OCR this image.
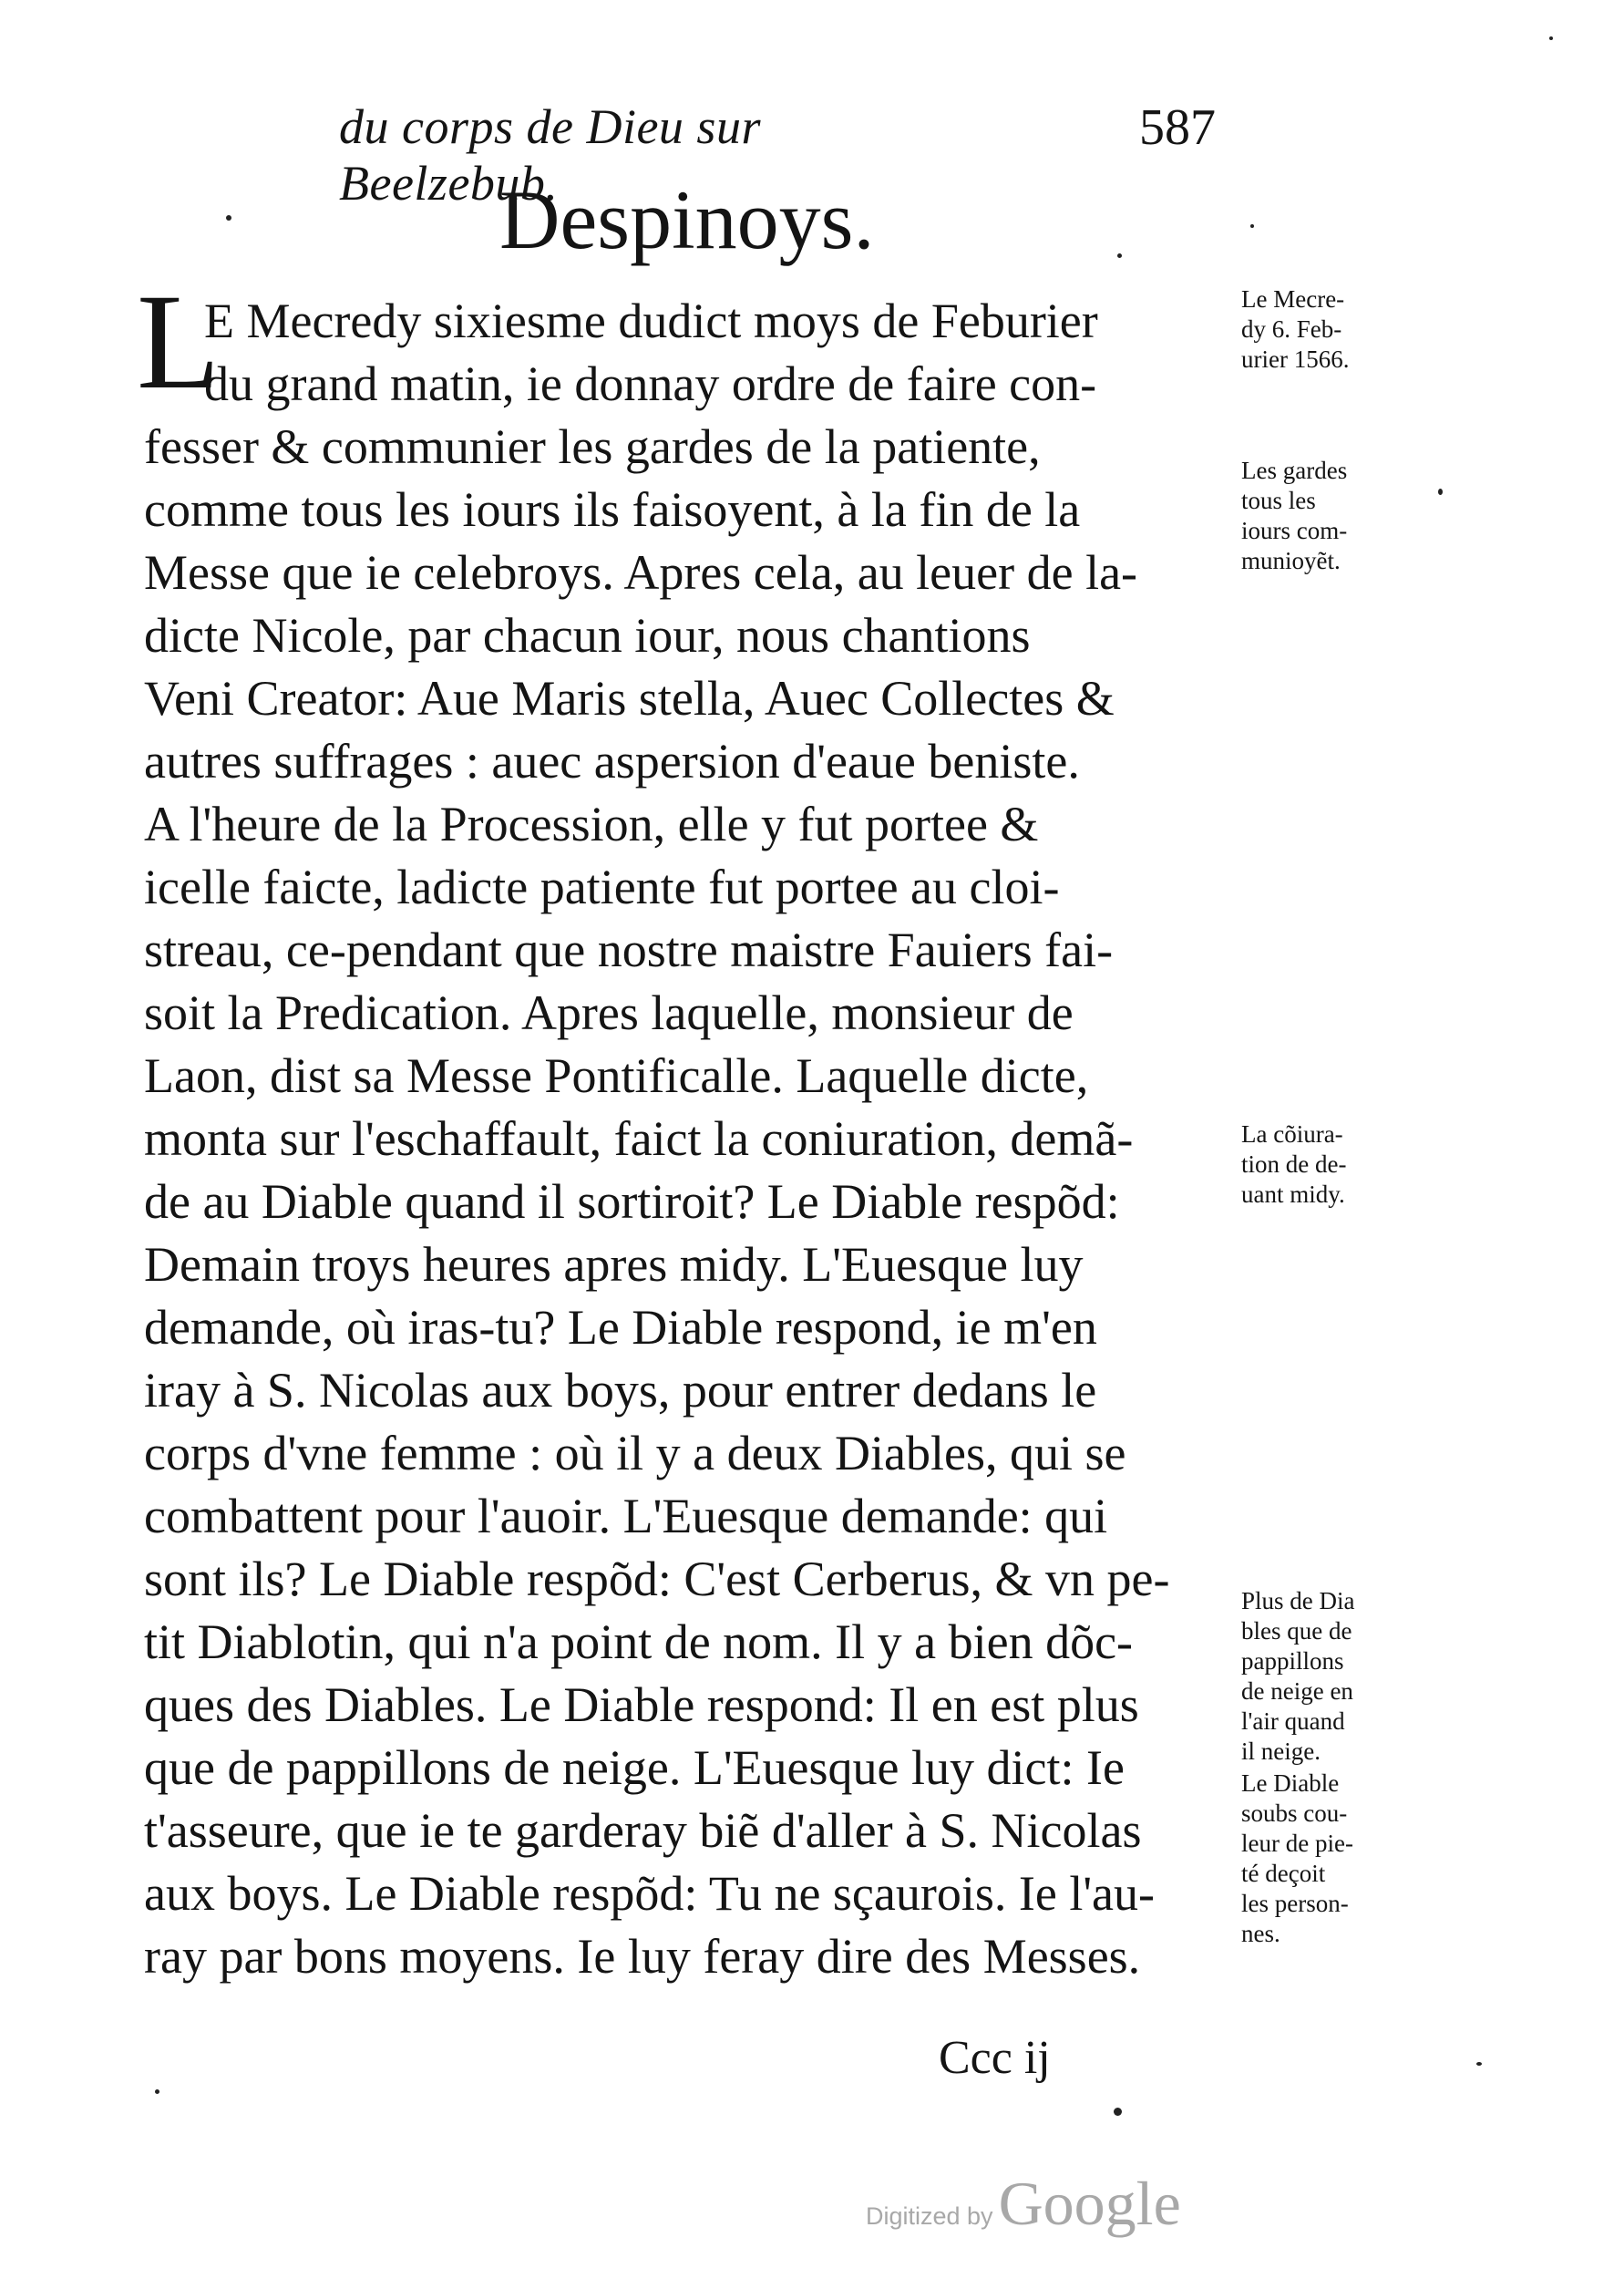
du corps de Dieu sur Beelzebub.
587
Despinoys.
L
E Mecredy sixiesme dudict moys de Feburier
du grand matin, ie donnay ordre de faire con-
fesser & communier les gardes de la patiente,
comme tous les iours ils faisoyent, à la fin de la
Messe que ie celebroys. Apres cela, au leuer de la-
dicte Nicole, par chacun iour, nous chantions
Veni Creator: Aue Maris stella, Auec Collectes &
autres suffrages : auec aspersion d'eaue beniste.
A l'heure de la Procession, elle y fut portee &
icelle faicte, ladicte patiente fut portee au cloi-
streau, ce-pendant que nostre maistre Fauiers fai-
soit la Predication. Apres laquelle, monsieur de
Laon, dist sa Messe Pontificalle. Laquelle dicte,
monta sur l'eschaffault, faict la coniuration, demã-
de au Diable quand il sortiroit? Le Diable respõd:
Demain troys heures apres midy. L'Euesque luy
demande, où iras-tu? Le Diable respond, ie m'en
iray à S. Nicolas aux boys, pour entrer dedans le
corps d'vne femme : où il y a deux Diables, qui se
combattent pour l'auoir. L'Euesque demande: qui
sont ils? Le Diable respõd: C'est Cerberus, & vn pe-
tit Diablotin, qui n'a point de nom. Il y a bien dõc-
ques des Diables. Le Diable respond: Il en est plus
que de pappillons de neige. L'Euesque luy dict: Ie
t'asseure, que ie te garderay biẽ d'aller à S. Nicolas
aux boys. Le Diable respõd: Tu ne sçaurois. Ie l'au-
ray par bons moyens. Ie luy feray dire des Messes.
Le Mecre-
dy 6. Feb-
urier 1566.
Les gardes
tous les
iours com-
munioyẽt.
La cõiura-
tion de de-
uant midy.
Plus de Dia
bles que de
pappillons
de neige en
l'air quand
il neige.
Le Diable
soubs cou-
leur de pie-
té deçoit
les person-
nes.
Ccc ij
Digitized byGoogle
